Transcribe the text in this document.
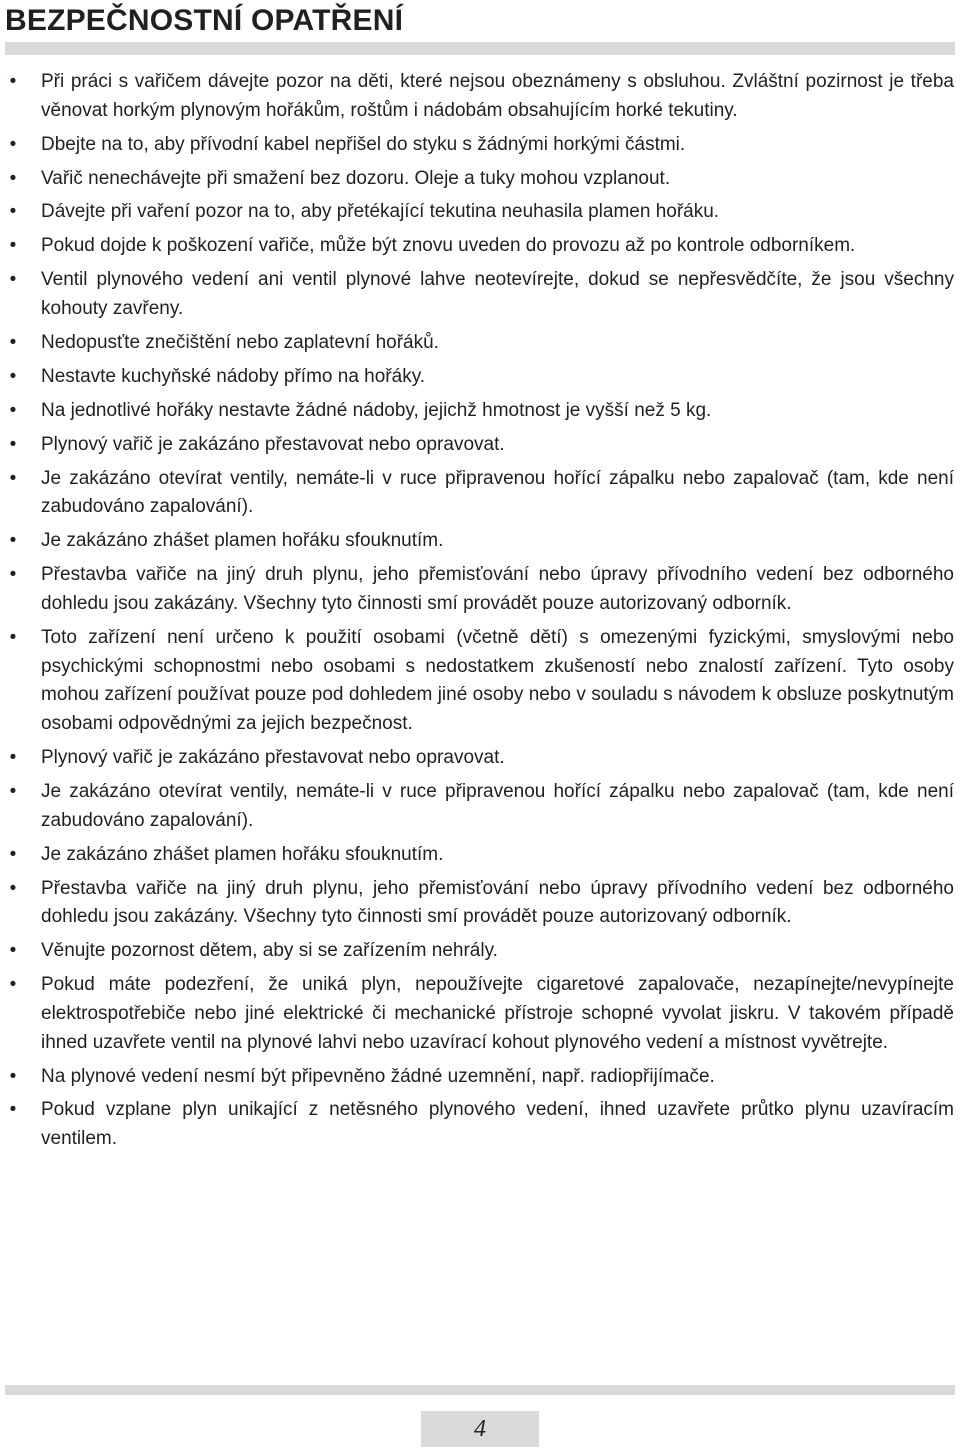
BEZPEČNOSTNÍ OPATŘENÍ
• Při práci s vařičem dávejte pozor na děti, které nejsou obeznámeny s obsluhou. Zvláštní pozirnost je třeba věnovat horkým plynovým hořákům, roštům i nádobám obsahujícím horké tekutiny.
• Dbejte na to, aby přívodní kabel nepřišel do styku s žádnými horkými částmi.
• Vařič nenechávejte při smažení bez dozoru. Oleje a tuky mohou vzplanout.
• Dávejte při vaření pozor na to, aby přetékající tekutina neuhasila plamen hořáku.
• Pokud dojde k poškození vařiče, může být znovu uveden do provozu až po kontrole odborníkem.
• Ventil plynového vedení ani ventil plynové lahve neotevírejte, dokud se nepřesvědčíte, že jsou všechny kohouty zavřeny.
• Nedopusťte znečištění nebo zaplatevní hořáků.
• Nestavte kuchyňské nádoby přímo na hořáky.
• Na jednotlivé hořáky nestavte žádné nádoby, jejichž hmotnost je vyšší než 5 kg.
• Plynový vařič je zakázáno přestavovat nebo opravovat.
• Je zakázáno otevírat ventily, nemáte-li v ruce připravenou hořící zápalku nebo zapalovač (tam, kde není zabudováno zapalování).
• Je zakázáno zhášet plamen hořáku sfouknutím.
• Přestavba vařiče na jiný druh plynu, jeho přemisťování nebo úpravy přívodního vedení bez odborného dohledu jsou zakázány. Všechny tyto činnosti smí provádět pouze autorizovaný odborník.
• Toto zařízení není určeno k použití osobami (včetně dětí) s omezenými fyzickými, smyslovými nebo psychickými schopnostmi nebo osobami s nedostatkem zkušeností nebo znalostí zařízení. Tyto osoby mohou zařízení používat pouze pod dohledem jiné osoby nebo v souladu s návodem k obsluze poskytnutým osobami odpovědnými za jejich bezpečnost.
• Plynový vařič je zakázáno přestavovat nebo opravovat.
• Je zakázáno otevírat ventily, nemáte-li v ruce připravenou hořící zápalku nebo zapalovač (tam, kde není zabudováno zapalování).
• Je zakázáno zhášet plamen hořáku sfouknutím.
• Přestavba vařiče na jiný druh plynu, jeho přemisťování nebo úpravy přívodního vedení bez odborného dohledu jsou zakázány. Všechny tyto činnosti smí provádět pouze autorizovaný odborník.
• Věnujte pozornost dětem, aby si se zařízením nehrály.
• Pokud máte podezření, že uniká plyn, nepoužívejte cigaretové zapalovače, nezapínejte/nevypínejte elektrospotřebiče nebo jiné elektrické či mechanické přístroje schopné vyvolat jiskru. V takovém případě ihned uzavřete ventil na plynové lahvi nebo uzavírací kohout plynového vedení a místnost vyvětrejte.
• Na plynové vedení nesmí být připevněno žádné uzemnění, např. radiopřijímače.
• Pokud vzplane plyn unikající z netěsného plynového vedení, ihned uzavřete průtko plynu uzavíracím ventilem.
4
